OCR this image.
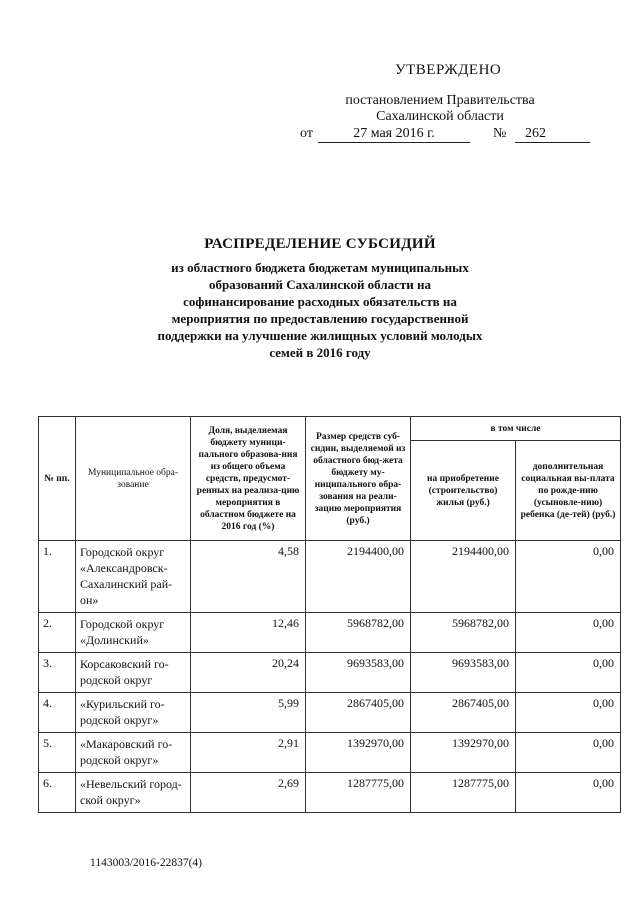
УТВЕРЖДЕНО
постановлением Правительства
Сахалинской области
от	27 мая 2016 г.	№	262
РАСПРЕДЕЛЕНИЕ СУБСИДИЙ
из областного бюджета бюджетам муниципальных
образований Сахалинской области на
софинансирование расходных обязательств на
мероприятия по предоставлению государственной
поддержки на улучшение жилищных условий молодых
семей в 2016 году
№ пп.	Муниципальное обра-зование	Доля, выделяемая бюджету муници-пального образова-ния из общего объема средств, предусмот-ренных на реализа-цию мероприятия в областном бюджете на 2016 год (%)	Размер средств суб-сидии, выделяемой из областного бюд-жета бюджету му-ниципального обра-зования на реали-зацию мероприятия (руб.)	в том числе	
				на приобретение (строительство) жилья (руб.)	дополнительная социальная вы-плата по рожде-нию (усыновле-нию) ребенка (де-тей) (руб.)
1.	Городской округ «Александровск-Сахалинский рай-он»	4,58	2194400,00	2194400,00	0,00
2.	Городской округ «Долинский»	12,46	5968782,00	5968782,00	0,00
3.	Корсаковский го-родской округ	20,24	9693583,00	9693583,00	0,00
4.	«Курильский го-родской округ»	5,99	2867405,00	2867405,00	0,00
5.	«Макаровский го-родской округ»	2,91	1392970,00	1392970,00	0,00
6.	«Невельский город-ской округ»	2,69	1287775,00	1287775,00	0,00
1143003/2016-22837(4)
